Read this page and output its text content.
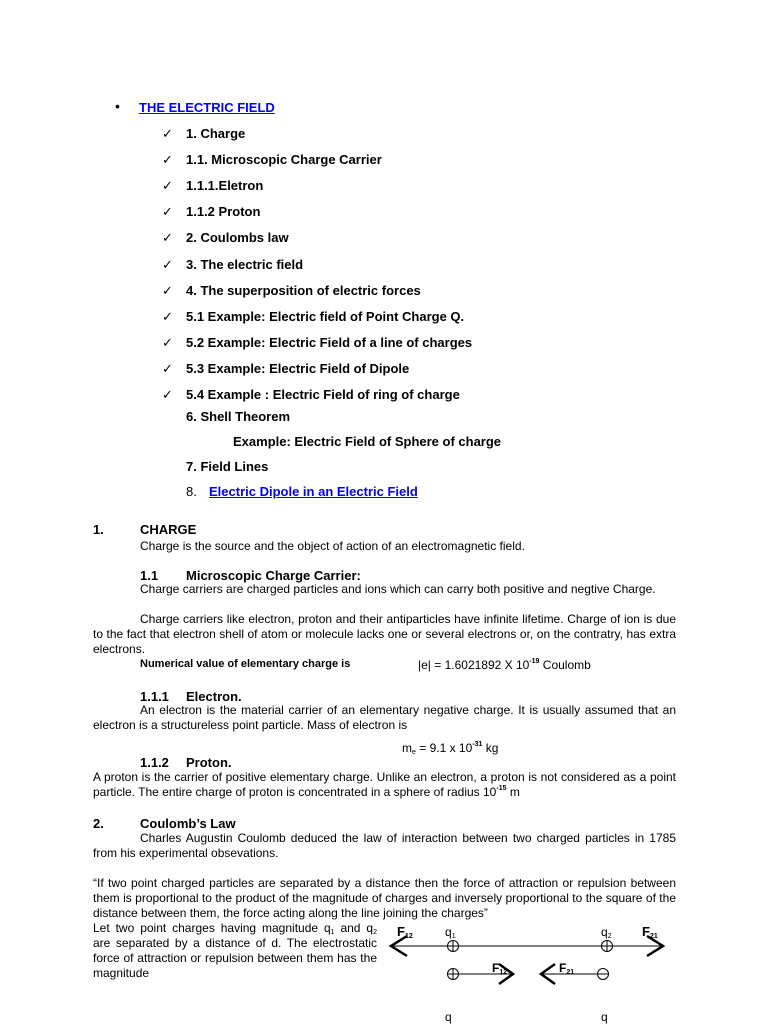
• THE ELECTRIC FIELD
✓ 1. Charge
✓ 1.1. Microscopic Charge Carrier
✓ 1.1.1.Eletron
✓ 1.1.2 Proton
✓ 2. Coulombs law
✓ 3. The electric field
✓ 4. The superposition of electric forces
✓ 5.1 Example: Electric field of Point Charge Q.
✓ 5.2 Example: Electric Field of a line of charges
✓ 5.3 Example: Electric Field of Dipole
✓ 5.4 Example : Electric Field of ring of charge
6. Shell Theorem
Example: Electric Field of Sphere of charge
7. Field Lines
8. Electric Dipole in an Electric Field
1.	CHARGE
Charge is the source and the object of action of an electromagnetic field.
1.1 Microscopic Charge Carrier:
Charge carriers are charged particles and ions which can carry both positive and negtive Charge.
Charge carriers like electron, proton and their antiparticles have infinite lifetime. Charge of ion is due to the fact that electron shell of atom or molecule lacks one or several electrons or, on the contratry, has extra electrons.
Numerical value of elementary charge is	|e| = 1.6021892 X $10^{-19}$ Coulomb
1.1.1 Electron.
An electron is the material carrier of an elementary negative charge. It is usually assumed that an electron is a structureless point particle. Mass of electron is
$m_e = 9.1$ x $10^{-31}$ kg
1.1.2 Proton.
A proton is the carrier of positive elementary charge. Unlike an electron, a proton is not considered as a point particle. The entire charge of proton is concentrated in a sphere of radius $10^{-15}$ m
2.	Coulomb’s Law
Charles Augustin Coulomb deduced the law of interaction between two charged particles in 1785 from his experimental obsevations.
“If two point charged particles are separated by a distance then the force of attraction or repulsion between them is proportional to the product of the magnitude of charges and inversely proportional to the square of the distance between them, the force acting along the line joining the charges”
Let two point charges having magnitude $q_1$ and $q_2$ are separated by a distance of d. The electrostatic force of attraction or repulsion between them has the magnitude
$F_{12}$	$q_1$	$q_2$ $F_{21}$
$F_{12}$	$F_{21}$
q	q
